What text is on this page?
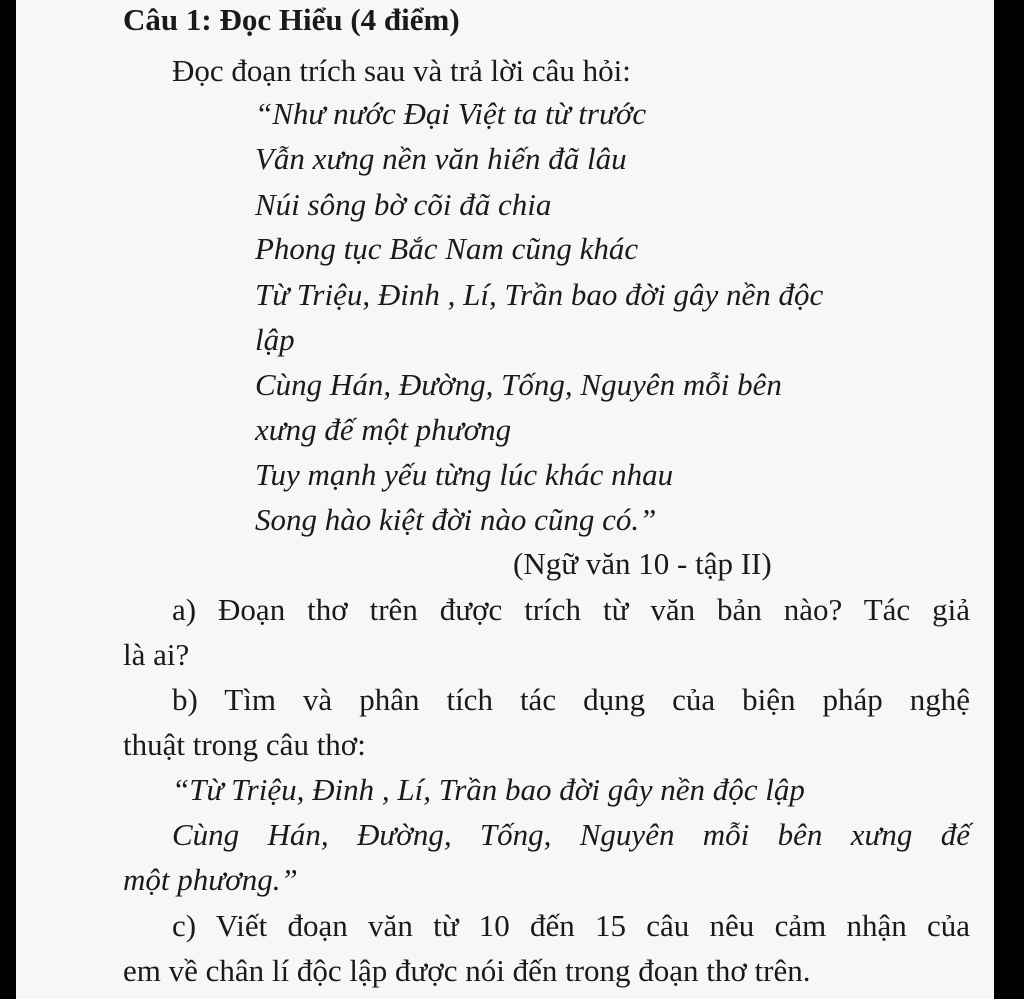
Câu 1: Đọc Hiểu (4 điểm)
Đọc đoạn trích sau và trả lời câu hỏi:
“Như nước Đại Việt ta từ trước
Vẫn xưng nền văn hiến đã lâu
Núi sông bờ cõi đã chia
Phong tục Bắc Nam cũng khác
Từ Triệu, Đinh , Lí, Trần bao đời gây nền độc
lập
Cùng Hán, Đường, Tống, Nguyên mỗi bên
xưng đế một phương
Tuy mạnh yếu từng lúc khác nhau
Song hào kiệt đời nào cũng có.”
(Ngữ văn 10 - tập II)
a) Đoạn thơ trên được trích từ văn bản nào? Tác giả
là ai?
b) Tìm và phân tích tác dụng của biện pháp nghệ
thuật trong câu thơ:
“Từ Triệu, Đinh , Lí, Trần bao đời gây nền độc lập
Cùng Hán, Đường, Tống, Nguyên mỗi bên xưng đế
một phương.”
c) Viết đoạn văn từ 10 đến 15 câu nêu cảm nhận của
em về chân lí độc lập được nói đến trong đoạn thơ trên.
